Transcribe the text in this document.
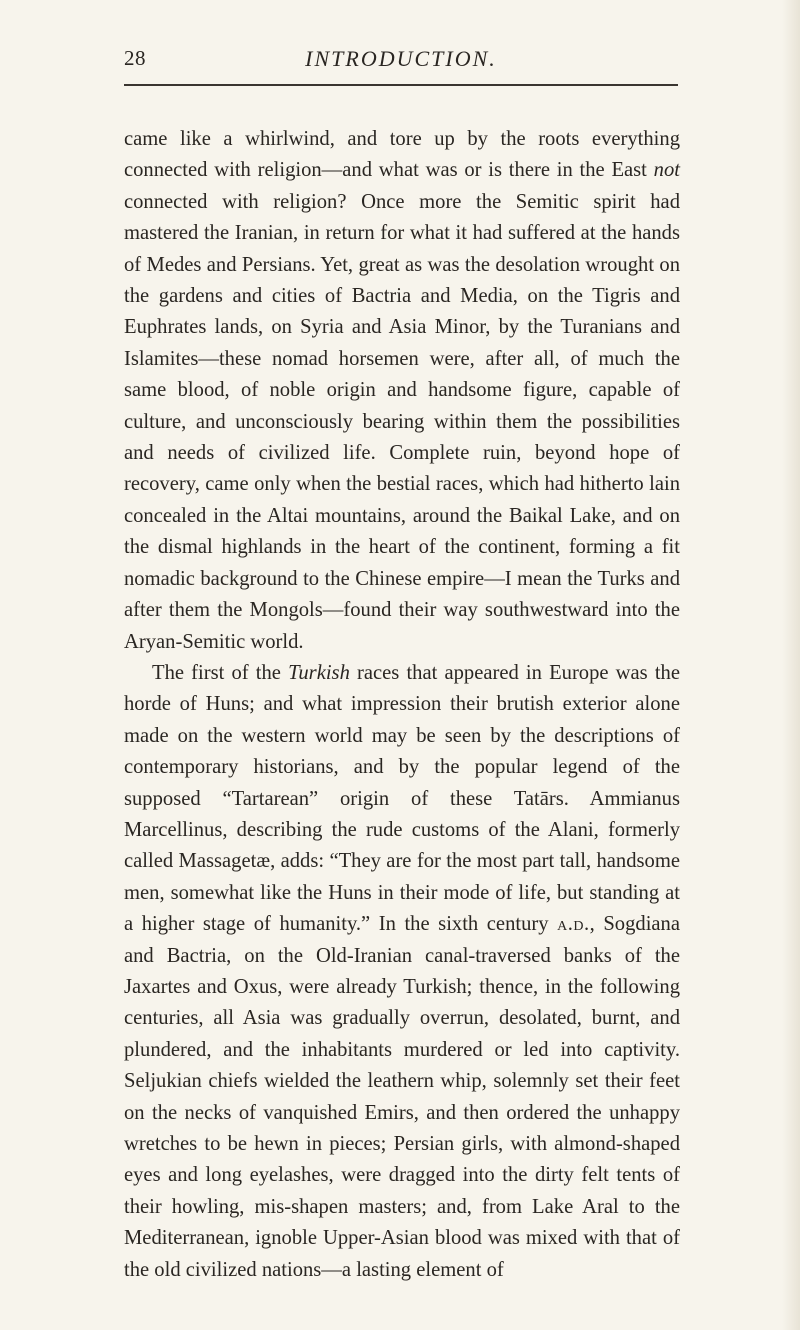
28	INTRODUCTION.

came like a whirlwind, and tore up by the roots everything connected with religion—and what was or is there in the East not connected with religion? Once more the Semitic spirit had mastered the Iranian, in return for what it had suffered at the hands of Medes and Persians. Yet, great as was the desolation wrought on the gardens and cities of Bactria and Media, on the Tigris and Euphrates lands, on Syria and Asia Minor, by the Turanians and Islamites—these nomad horsemen were, after all, of much the same blood, of noble origin and handsome figure, capable of culture, and unconsciously bearing within them the possibilities and needs of civilized life. Complete ruin, beyond hope of recovery, came only when the bestial races, which had hitherto lain concealed in the Altai mountains, around the Baikal Lake, and on the dismal highlands in the heart of the continent, forming a fit nomadic background to the Chinese empire—I mean the Turks and after them the Mongols—found their way southwestward into the Aryan-Semitic world.

The first of the Turkish races that appeared in Europe was the horde of Huns; and what impression their brutish exterior alone made on the western world may be seen by the descriptions of contemporary historians, and by the popular legend of the supposed “Tartarean” origin of these Tatārs. Ammianus Marcellinus, describing the rude customs of the Alani, formerly called Massagetæ, adds: “They are for the most part tall, handsome men, somewhat like the Huns in their mode of life, but standing at a higher stage of humanity.” In the sixth century a.d., Sogdiana and Bactria, on the Old-Iranian canal-traversed banks of the Jaxartes and Oxus, were already Turkish; thence, in the following centuries, all Asia was gradually overrun, desolated, burnt, and plundered, and the inhabitants murdered or led into captivity. Seljukian chiefs wielded the leathern whip, solemnly set their feet on the necks of vanquished Emirs, and then ordered the unhappy wretches to be hewn in pieces; Persian girls, with almond-shaped eyes and long eyelashes, were dragged into the dirty felt tents of their howling, mis-shapen masters; and, from Lake Aral to the Mediterranean, ignoble Upper-Asian blood was mixed with that of the old civilized nations—a lasting element of
